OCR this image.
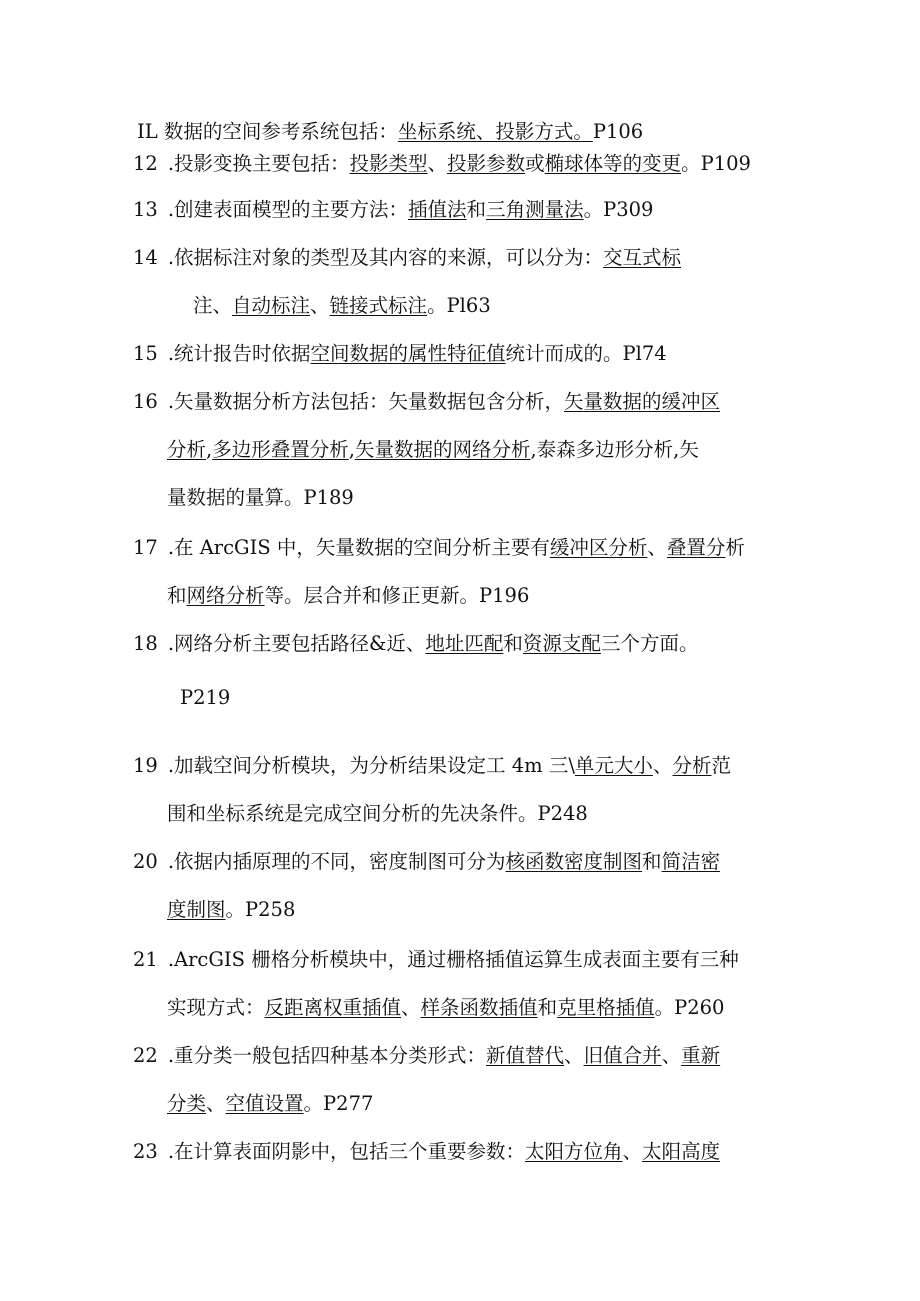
IL 数据的空间参考系统包括：坐标系统、投影方式。P106
12 .投影变换主要包括：投影类型、投影参数或椭球体等的变更。P109
13 .创建表面模型的主要方法：插值法和三角测量法。P309
14 .依据标注对象的类型及其内容的来源，可以分为：交互式标
注、自动标注、链接式标注。Pl63
15 .统计报告时依据空间数据的属性特征值统计而成的。Pl74
16 .矢量数据分析方法包括：矢量数据包含分析，矢量数据的缓冲区
分析,多边形叠置分析,矢量数据的网络分析,泰森多边形分析,矢
量数据的量算。P189
17 .在 ArcGIS 中，矢量数据的空间分析主要有缓冲区分析、叠置分析
和网络分析等。层合并和修正更新。P196
18 .网络分析主要包括路径&近、地址匹配和资源支配三个方面。
P219
19 .加载空间分析模块，为分析结果设定工 4m 三\单元大小、分析范
围和坐标系统是完成空间分析的先决条件。P248
20 .依据内插原理的不同，密度制图可分为核函数密度制图和简洁密
度制图。P258
21 .ArcGIS 栅格分析模块中，通过栅格插值运算生成表面主要有三种
实现方式：反距离权重插值、样条函数插值和克里格插值。P260
22 .重分类一般包括四种基本分类形式：新值替代、旧值合并、重新
分类、空值设置。P277
23 .在计算表面阴影中，包括三个重要参数：太阳方位角、太阳高度
